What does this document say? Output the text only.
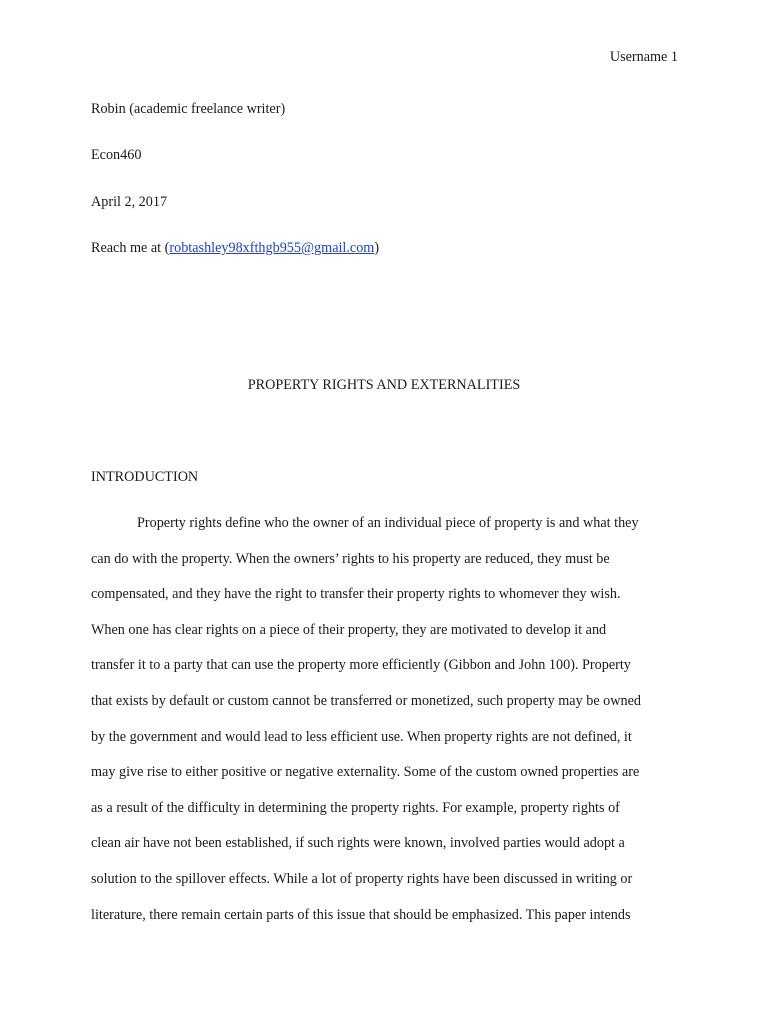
Username 1
Robin (academic freelance writer)
Econ460
April 2, 2017
Reach me at (robtashley98xfthgb955@gmail.com)
PROPERTY RIGHTS AND EXTERNALITIES
INTRODUCTION
Property rights define who the owner of an individual piece of property is and what they
can do with the property. When the owners’ rights to his property are reduced, they must be
compensated, and they have the right to transfer their property rights to whomever they wish.
When one has clear rights on a piece of their property, they are motivated to develop it and
transfer it to a party that can use the property more efficiently (Gibbon and John 100). Property
that exists by default or custom cannot be transferred or monetized, such property may be owned
by the government and would lead to less efficient use. When property rights are not defined, it
may give rise to either positive or negative externality. Some of the custom owned properties are
as a result of the difficulty in determining the property rights. For example, property rights of
clean air have not been established, if such rights were known, involved parties would adopt a
solution to the spillover effects. While a lot of property rights have been discussed in writing or
literature, there remain certain parts of this issue that should be emphasized. This paper intends
